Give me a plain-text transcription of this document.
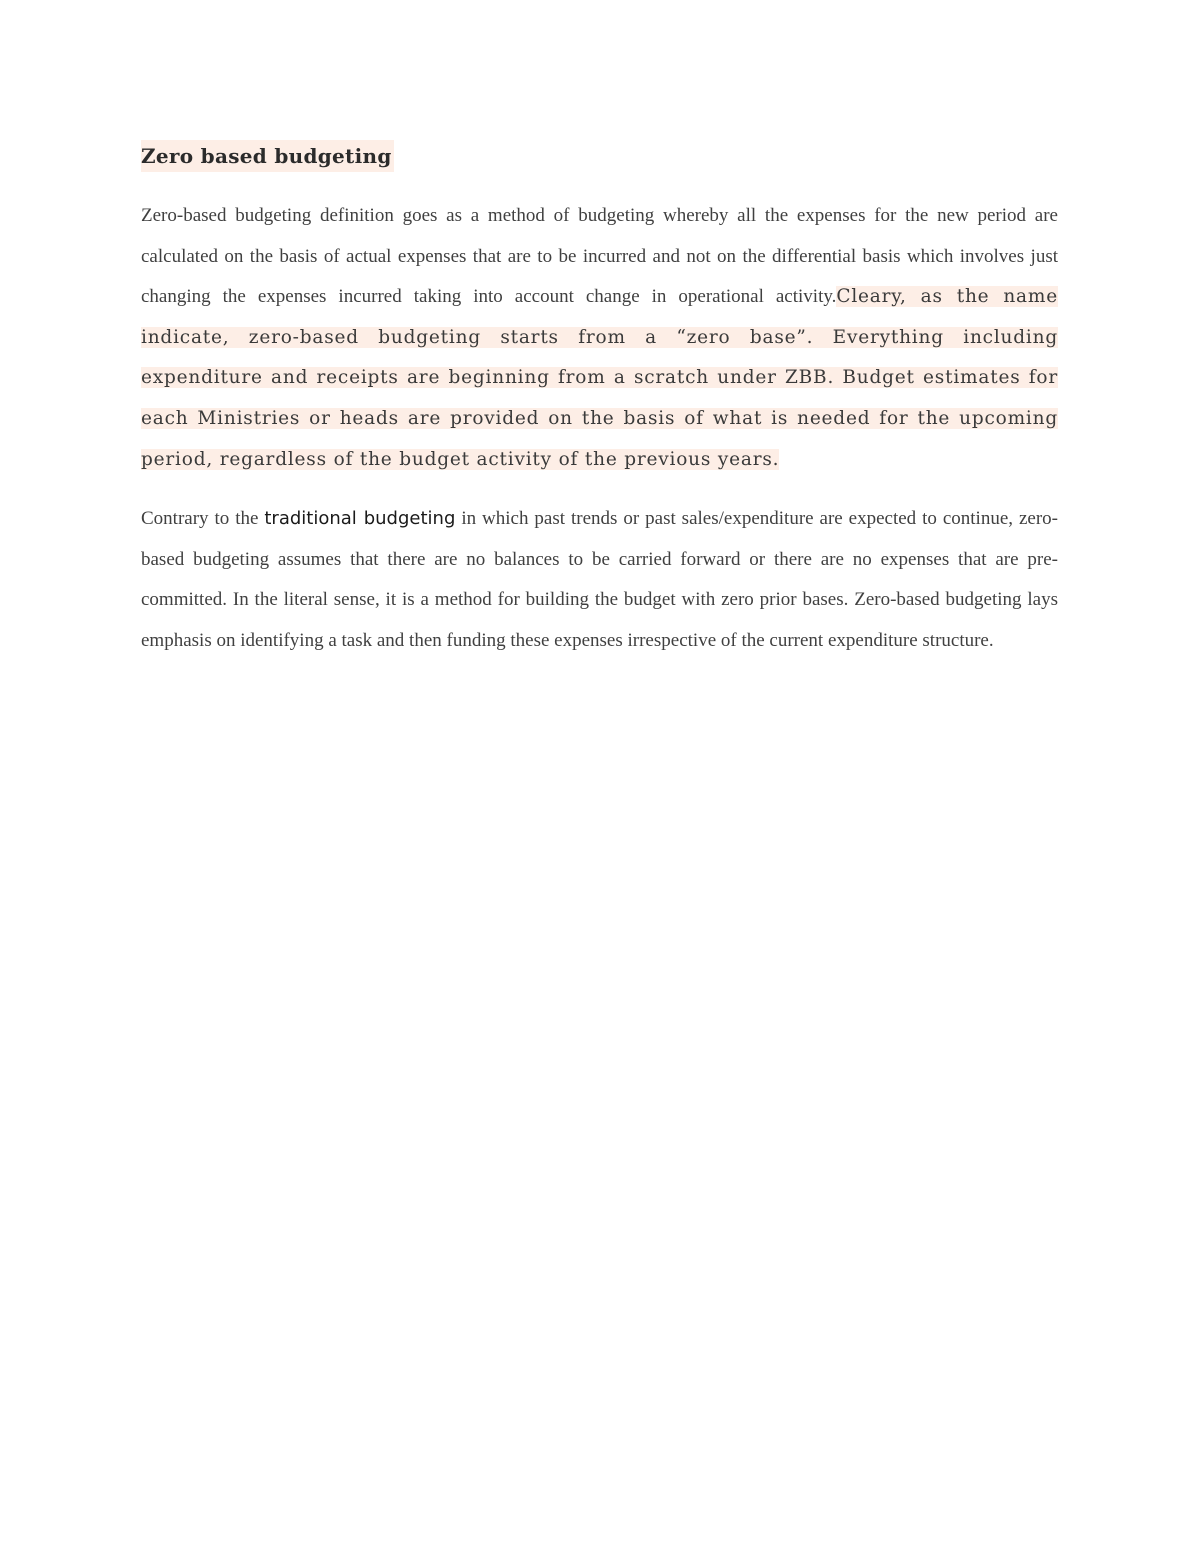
Zero based budgeting

Zero-based budgeting definition goes as a method of budgeting whereby all the expenses for the new period are calculated on the basis of actual expenses that are to be incurred and not on the differential basis which involves just changing the expenses incurred taking into account change in operational activity.Cleary, as the name indicate, zero-based budgeting starts from a “zero base”. Everything including expenditure and receipts are beginning from a scratch under ZBB. Budget estimates for each Ministries or heads are provided on the basis of what is needed for the upcoming period, regardless of the budget activity of the previous years.

Contrary to the traditional budgeting in which past trends or past sales/expenditure are expected to continue, zero-based budgeting assumes that there are no balances to be carried forward or there are no expenses that are pre-committed. In the literal sense, it is a method for building the budget with zero prior bases. Zero-based budgeting lays emphasis on identifying a task and then funding these expenses irrespective of the current expenditure structure.
